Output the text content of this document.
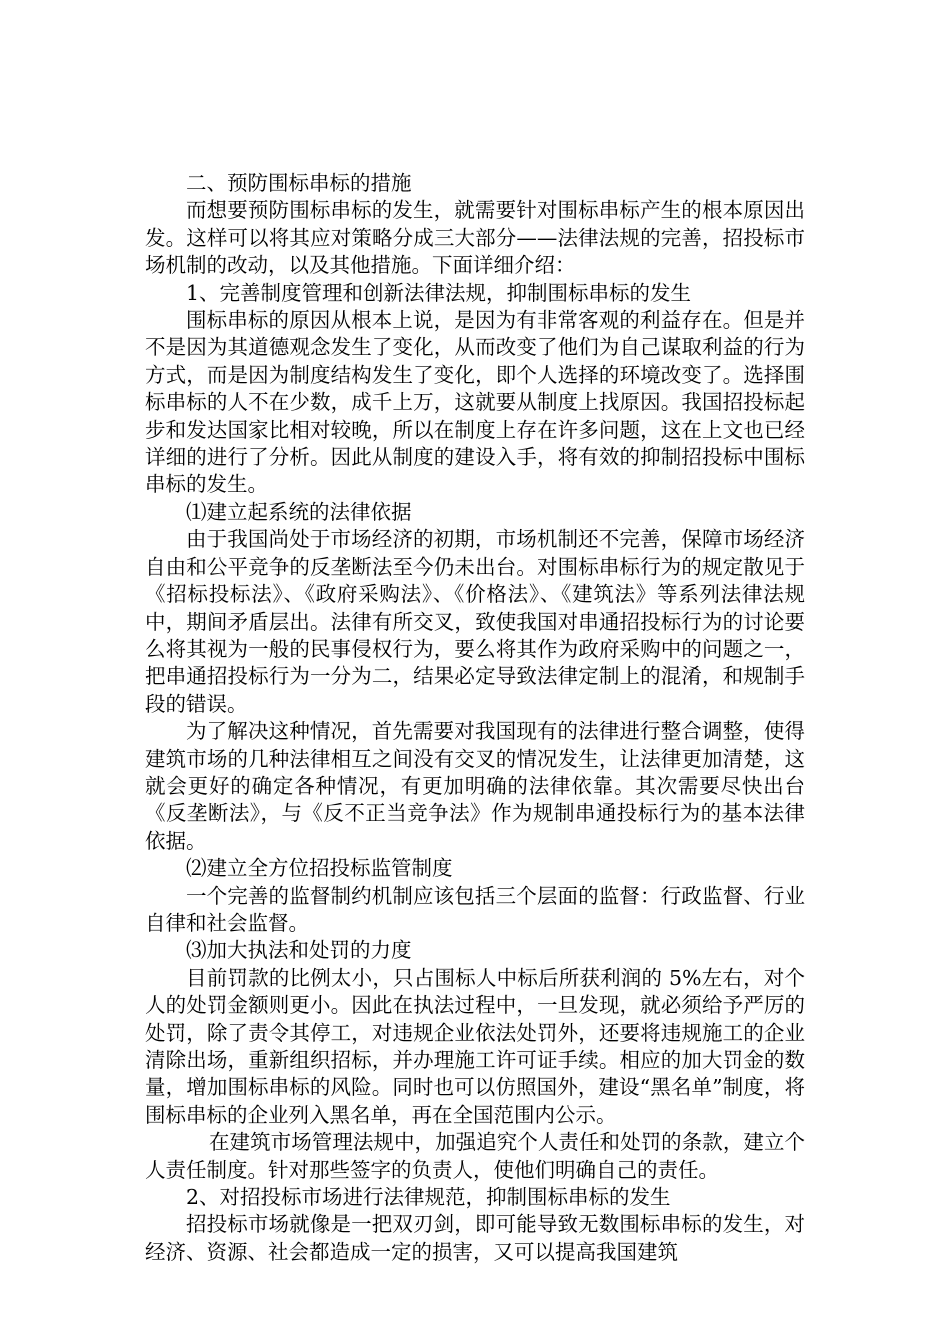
二、预防围标串标的措施

而想要预防围标串标的发生，就需要针对围标串标产生的根本原因出发。这样可以将其应对策略分成三大部分——法律法规的完善，招投标市场机制的改动，以及其他措施。下面详细介绍：

1、完善制度管理和创新法律法规，抑制围标串标的发生

围标串标的原因从根本上说，是因为有非常客观的利益存在。但是并不是因为其道德观念发生了变化，从而改变了他们为自己谋取利益的行为方式，而是因为制度结构发生了变化，即个人选择的环境改变了。选择围标串标的人不在少数，成千上万，这就要从制度上找原因。我国招投标起步和发达国家比相对较晚，所以在制度上存在许多问题，这在上文也已经详细的进行了分析。因此从制度的建设入手，将有效的抑制招投标中围标串标的发生。

⑴建立起系统的法律依据

由于我国尚处于市场经济的初期，市场机制还不完善，保障市场经济自由和公平竞争的反垄断法至今仍未出台。对围标串标行为的规定散见于《招标投标法》、《政府采购法》、《价格法》、《建筑法》等系列法律法规中，期间矛盾层出。法律有所交叉，致使我国对串通招投标行为的讨论要么将其视为一般的民事侵权行为，要么将其作为政府采购中的问题之一，把串通招投标行为一分为二，结果必定导致法律定制上的混淆，和规制手段的错误。

为了解决这种情况，首先需要对我国现有的法律进行整合调整，使得建筑市场的几种法律相互之间没有交叉的情况发生，让法律更加清楚，这就会更好的确定各种情况，有更加明确的法律依靠。其次需要尽快出台《反垄断法》，与《反不正当竞争法》作为规制串通投标行为的基本法律依据。

⑵建立全方位招投标监管制度

一个完善的监督制约机制应该包括三个层面的监督：行政监督、行业自律和社会监督。

⑶加大执法和处罚的力度

目前罚款的比例太小，只占围标人中标后所获利润的 5%左右，对个人的处罚金额则更小。因此在执法过程中，一旦发现，就必须给予严厉的处罚，除了责令其停工，对违规企业依法处罚外，还要将违规施工的企业清除出场，重新组织招标，并办理施工许可证手续。相应的加大罚金的数量，增加围标串标的风险。同时也可以仿照国外，建设“黑名单”制度，将围标串标的企业列入黑名单，再在全国范围内公示。

在建筑市场管理法规中，加强追究个人责任和处罚的条款，建立个人责任制度。针对那些签字的负责人，使他们明确自己的责任。

2、对招投标市场进行法律规范，抑制围标串标的发生

招投标市场就像是一把双刃剑，即可能导致无数围标串标的发生，对经济、资源、社会都造成一定的损害，又可以提高我国建筑
